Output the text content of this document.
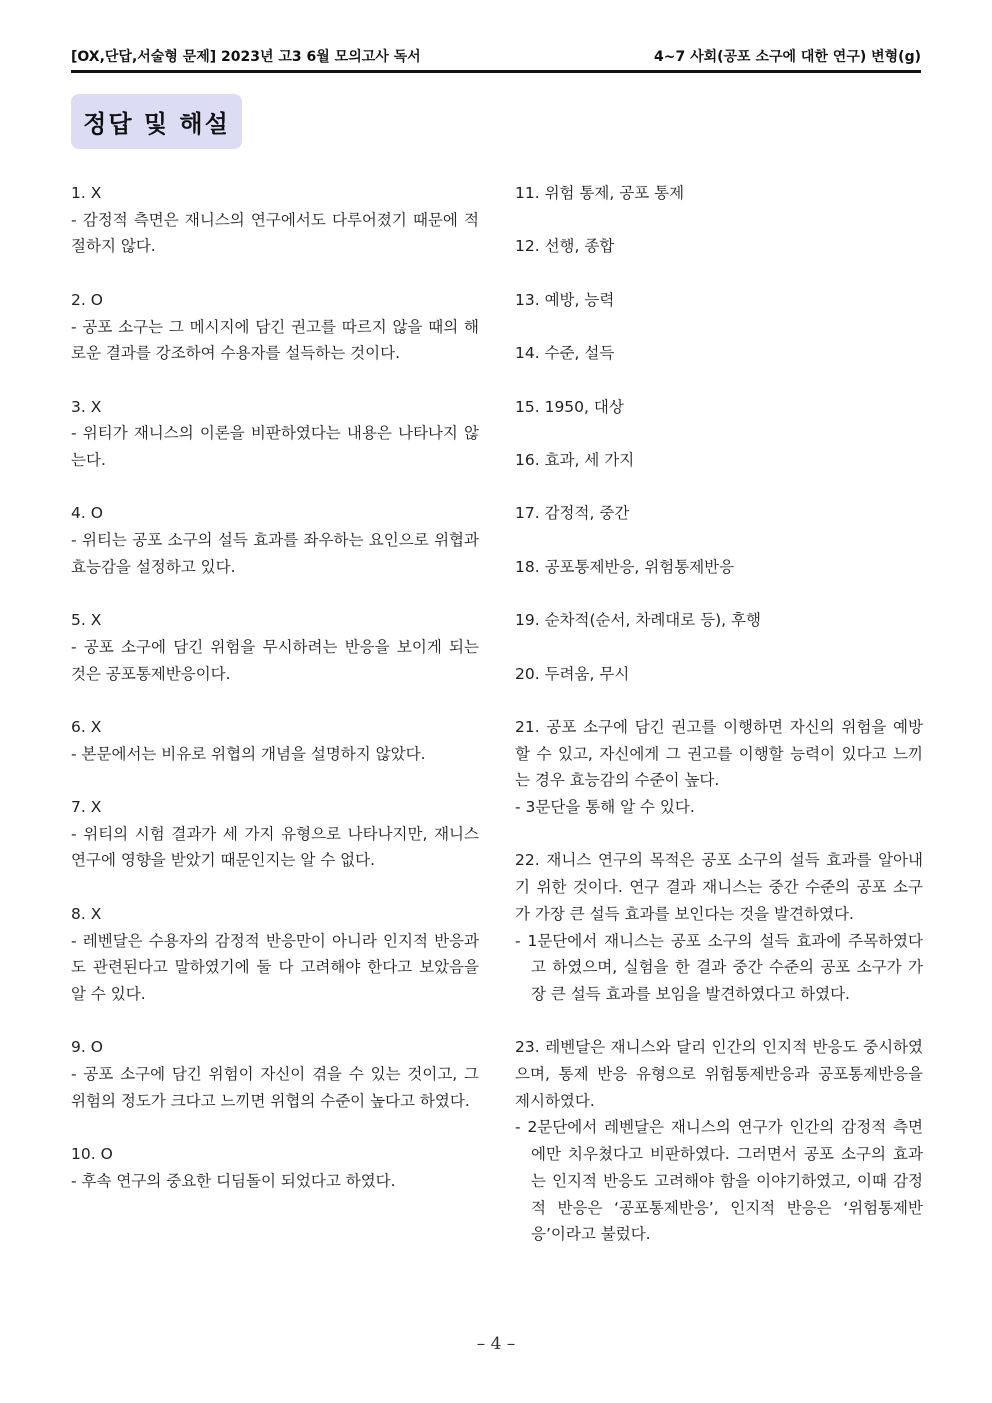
[OX,단답,서술형 문제] 2023년 고3 6월 모의고사 독서	4~7 사회(공포 소구에 대한 연구) 변형(g)
정답 및 해설
1. X
- 감정적 측면은 재니스의 연구에서도 다루어졌기 때문에 적절하지 않다.
2. O
- 공포 소구는 그 메시지에 담긴 권고를 따르지 않을 때의 해로운 결과를 강조하여 수용자를 설득하는 것이다.
3. X
- 위티가 재니스의 이론을 비판하였다는 내용은 나타나지 않는다.
4. O
- 위티는 공포 소구의 설득 효과를 좌우하는 요인으로 위협과 효능감을 설정하고 있다.
5. X
- 공포 소구에 담긴 위험을 무시하려는 반응을 보이게 되는 것은 공포통제반응이다.
6. X
- 본문에서는 비유로 위협의 개념을 설명하지 않았다.
7. X
- 위티의 시험 결과가 세 가지 유형으로 나타나지만, 재니스 연구에 영향을 받았기 때문인지는 알 수 없다.
8. X
- 레벤달은 수용자의 감정적 반응만이 아니라 인지적 반응과도 관련된다고 말하였기에 둘 다 고려해야 한다고 보았음을 알 수 있다.
9. O
- 공포 소구에 담긴 위험이 자신이 겪을 수 있는 것이고, 그 위험의 정도가 크다고 느끼면 위협의 수준이 높다고 하였다.
10. O
- 후속 연구의 중요한 디딤돌이 되었다고 하였다.
11. 위험 통제, 공포 통제
12. 선행, 종합
13. 예방, 능력
14. 수준, 설득
15. 1950, 대상
16. 효과, 세 가지
17. 감정적, 중간
18. 공포통제반응, 위험통제반응
19. 순차적(순서, 차례대로 등), 후행
20. 두려움, 무시
21. 공포 소구에 담긴 권고를 이행하면 자신의 위험을 예방할 수 있고, 자신에게 그 권고를 이행할 능력이 있다고 느끼는 경우 효능감의 수준이 높다.
- 3문단을 통해 알 수 있다.
22. 재니스 연구의 목적은 공포 소구의 설득 효과를 알아내기 위한 것이다. 연구 결과 재니스는 중간 수준의 공포 소구가 가장 큰 설득 효과를 보인다는 것을 발견하였다.
- 1문단에서 재니스는 공포 소구의 설득 효과에 주목하였다고 하였으며, 실험을 한 결과 중간 수준의 공포 소구가 가장 큰 설득 효과를 보임을 발견하였다고 하였다.
23. 레벤달은 재니스와 달리 인간의 인지적 반응도 중시하였으며, 통제 반응 유형으로 위험통제반응과 공포통제반응을 제시하였다.
- 2문단에서 레벤달은 재니스의 연구가 인간의 감정적 측면에만 치우쳤다고 비판하였다. 그러면서 공포 소구의 효과는 인지적 반응도 고려해야 함을 이야기하였고, 이때 감정적 반응은 ‘공포통제반응’, 인지적 반응은 ‘위험통제반응’이라고 불렀다.
– 4 –
